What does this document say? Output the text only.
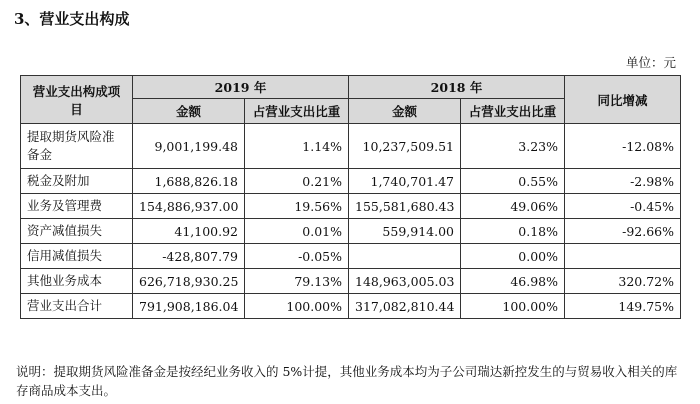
3、营业支出构成
单位：元
营业支出构成项目	2019 年		2018 年		同比增减
	金额	占营业支出比重	金额	占营业支出比重	
提取期货风险准备金	9,001,199.48	1.14%	10,237,509.51	3.23%	-12.08%
税金及附加	1,688,826.18	0.21%	1,740,701.47	0.55%	-2.98%
业务及管理费	154,886,937.00	19.56%	155,581,680.43	49.06%	-0.45%
资产减值损失	41,100.92	0.01%	559,914.00	0.18%	-92.66%
信用减值损失	-428,807.79	-0.05%		0.00%	
其他业务成本	626,718,930.25	79.13%	148,963,005.03	46.98%	320.72%
营业支出合计	791,908,186.04	100.00%	317,082,810.44	100.00%	149.75%
说明：提取期货风险准备金是按经纪业务收入的 5%计提，其他业务成本均为子公司瑞达新控发生的与贸易收入相关的库存商品成本支出。
